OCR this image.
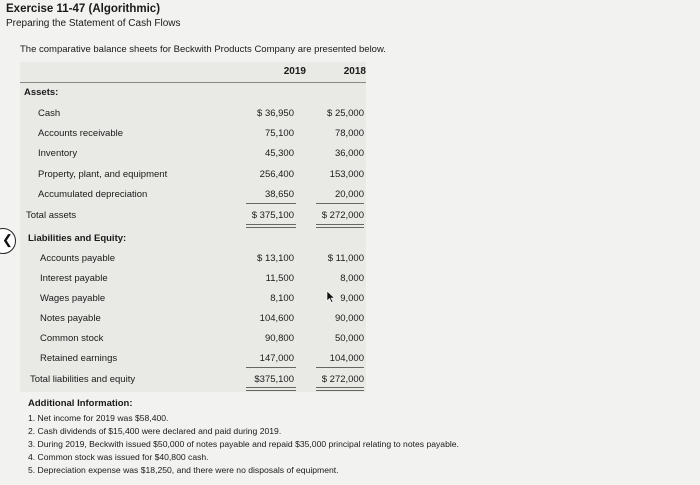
Exercise 11-47 (Algorithmic)
Preparing the Statement of Cash Flows
The comparative balance sheets for Beckwith Products Company are presented below.
2019	2018
Assets:
Cash	$ 36,950	$ 25,000
Accounts receivable	75,100	78,000
Inventory	45,300	36,000
Property, plant, and equipment	256,400	153,000
Accumulated depreciation	38,650	20,000
Total assets	$ 375,100	$ 272,000
Liabilities and Equity:
Accounts payable	$ 13,100	$ 11,000
Interest payable	11,500	8,000
Wages payable	8,100	9,000
Notes payable	104,600	90,000
Common stock	90,800	50,000
Retained earnings	147,000	104,000
Total liabilities and equity	$375,100	$ 272,000
Additional Information:
1. Net income for 2019 was $58,400.
2. Cash dividends of $15,400 were declared and paid during 2019.
3. During 2019, Beckwith issued $50,000 of notes payable and repaid $35,000 principal relating to notes payable.
4. Common stock was issued for $40,800 cash.
5. Depreciation expense was $18,250, and there were no disposals of equipment.
❮
